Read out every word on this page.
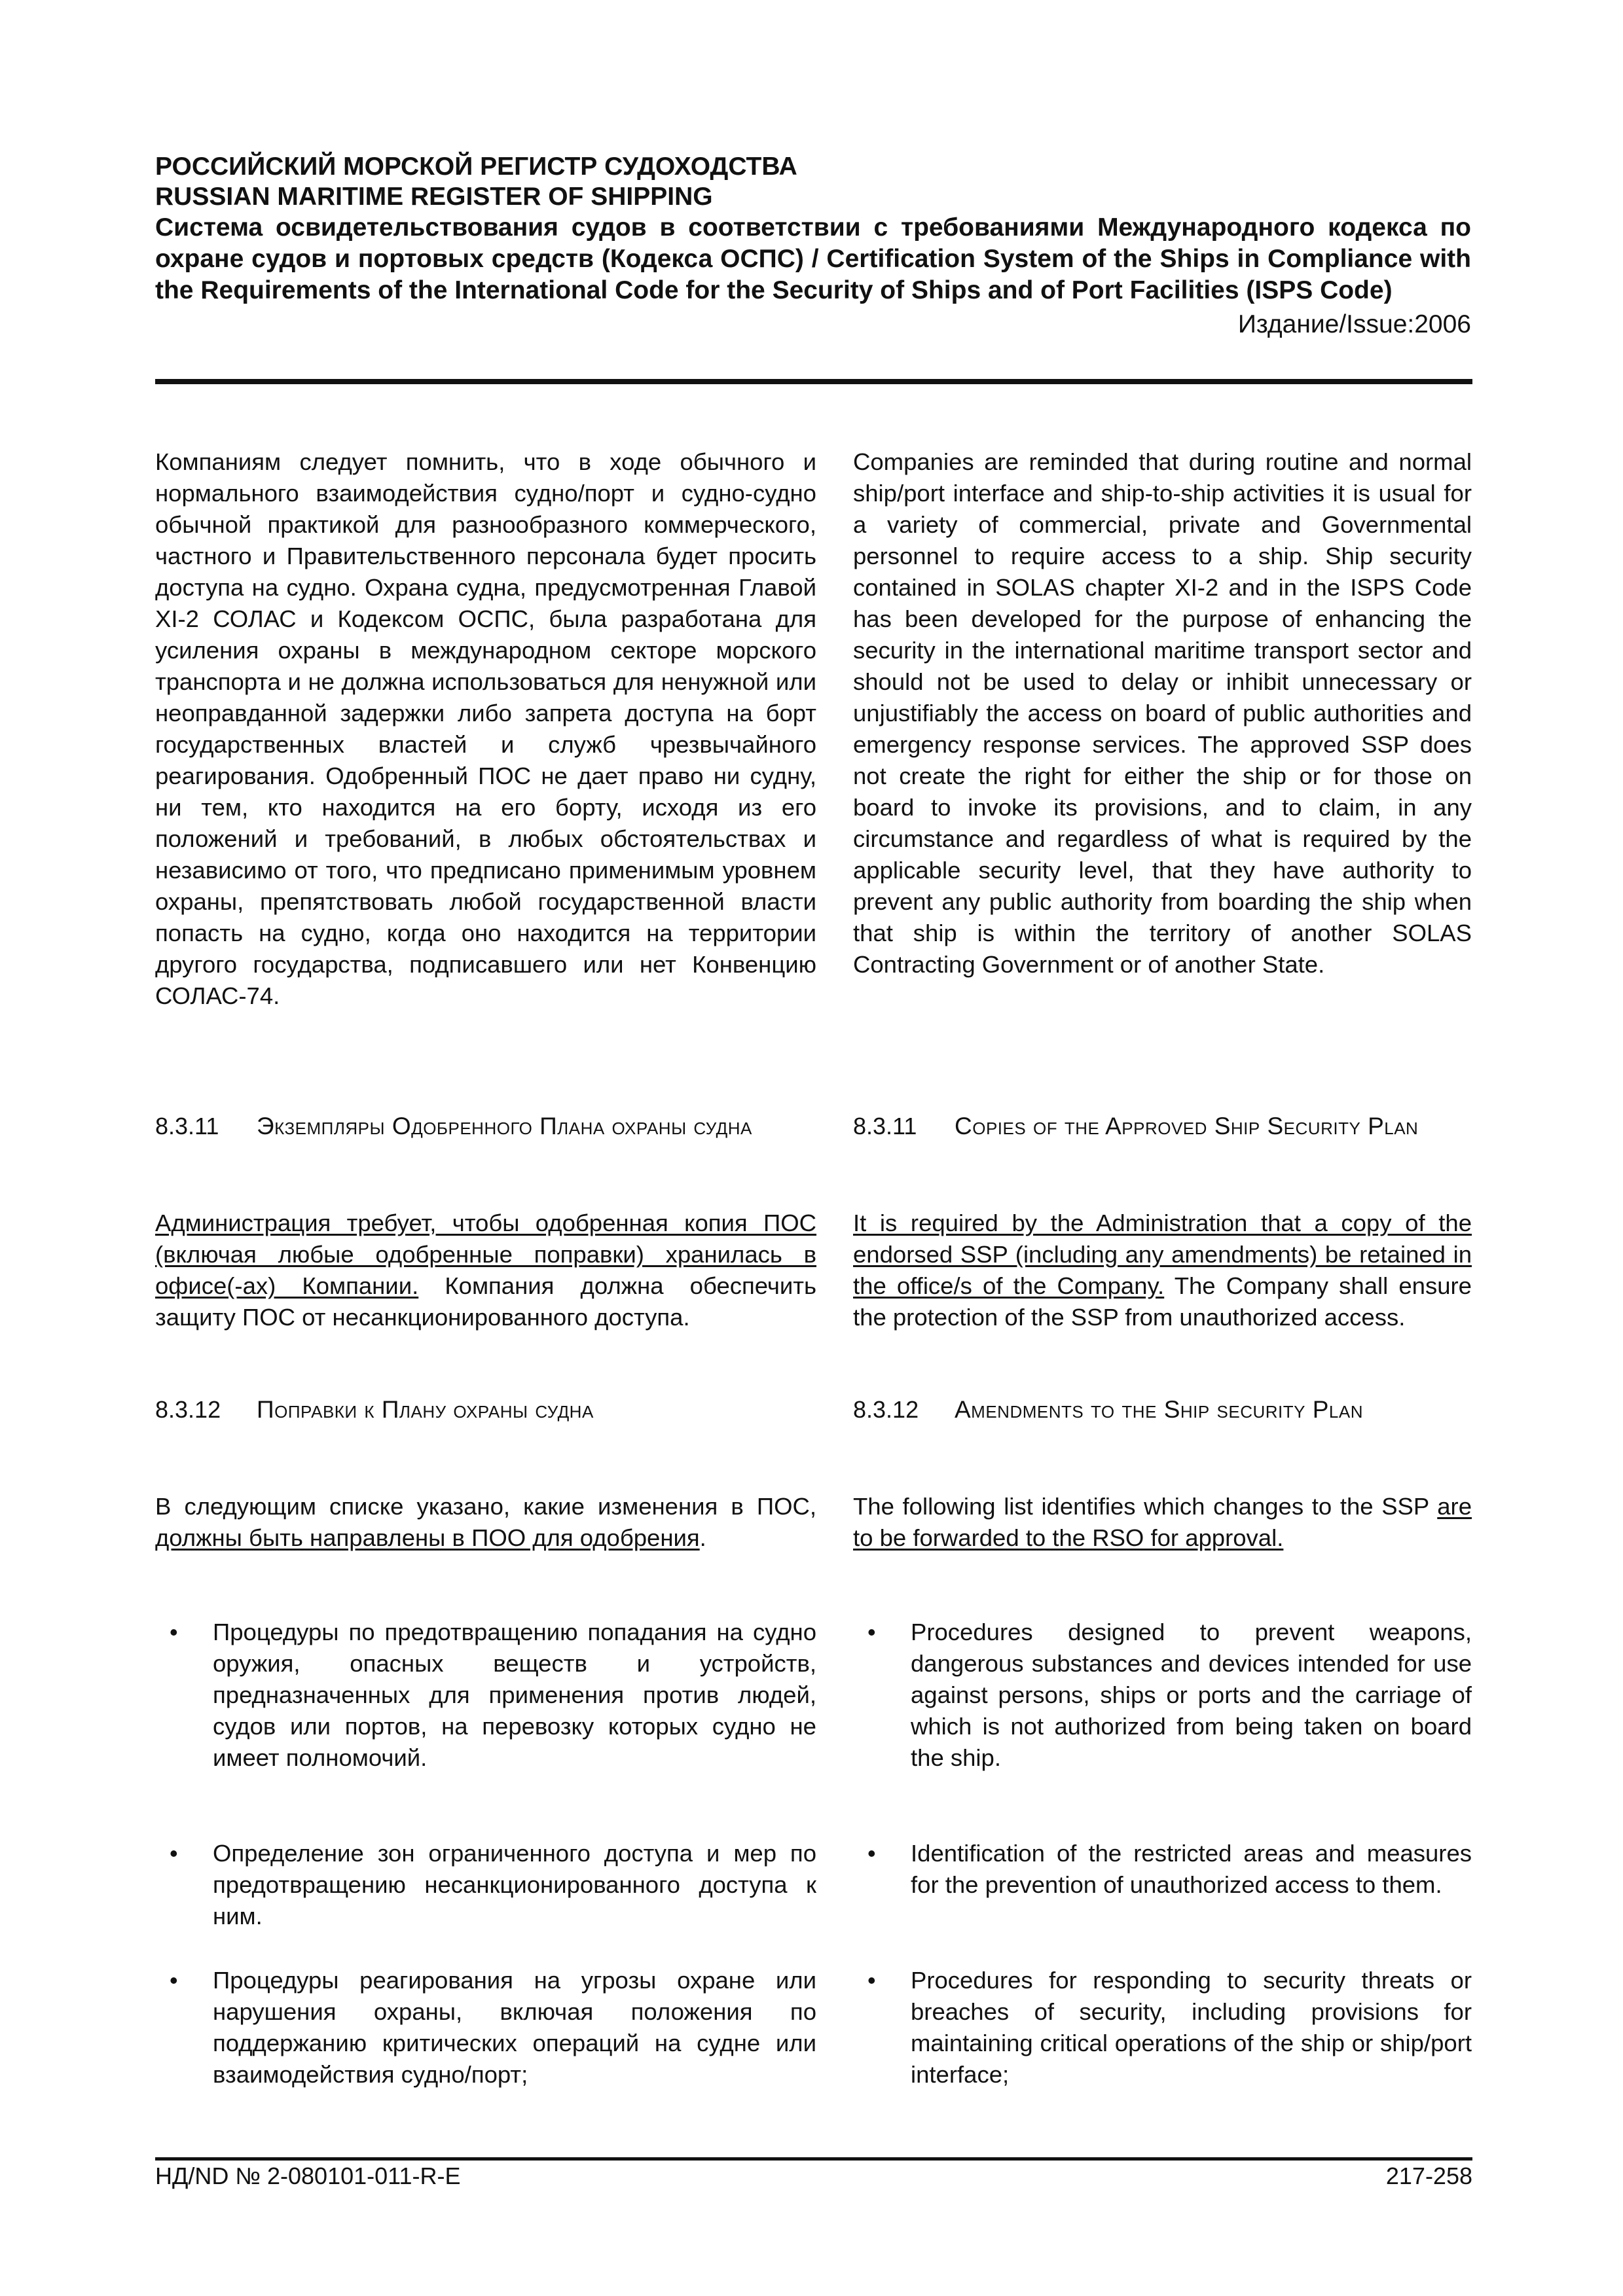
РОССИЙСКИЙ МОРСКОЙ РЕГИСТР СУДОХОДСТВА

RUSSIAN MARITIME REGISTER OF SHIPPING

Система освидетельствования судов в соответствии с требованиями Международного кодекса по охране судов и портовых средств (Кодекса ОСПС) / Certification System of the Ships in Compliance with the Requirements of the International Code for the Security of Ships and of Port Facilities (ISPS Code)

Издание/Issue:2006

Компаниям следует помнить, что в ходе обычного и нормального взаимодействия судно/порт и судно-судно обычной практикой для разнообразного коммерческого, частного и Правительственного персонала будет просить доступа на судно. Охрана судна, предусмотренная Главой XI-2 СОЛАС и Кодексом ОСПС, была разработана для усиления охраны в международном секторе морского транспорта и не должна использоваться для ненужной или неоправданной задержки либо запрета доступа на борт государственных властей и служб чрезвычайного реагирования. Одобренный ПОС не дает право ни судну, ни тем, кто находится на его борту, исходя из его положений и требований, в любых обстоятельствах и независимо от того, что предписано применимым уровнем охраны, препятствовать любой государственной власти попасть на судно, когда оно находится на территории другого государства, подписавшего или нет Конвенцию СОЛАС-74.

Companies are reminded that during routine and normal ship/port interface and ship-to-ship activities it is usual for a variety of commercial, private and Governmental personnel to require access to a ship. Ship security contained in SOLAS chapter XI-2 and in the ISPS Code has been developed for the purpose of enhancing the security in the international maritime transport sector and should not be used to delay or inhibit unnecessary or unjustifiably the access on board of public authorities and emergency response services. The approved SSP does not create the right for either the ship or for those on board to invoke its provisions, and to claim, in any circumstance and regardless of what is required by the applicable security level, that they have authority to prevent any public authority from boarding the ship when that ship is within the territory of another SOLAS Contracting Government or of another State.

8.3.11	Экземпляры Одобренного Плана охраны судна	8.3.11	Copies of the Approved Ship Security Plan

Администрация требует, чтобы одобренная копия ПОС (включая любые одобренные поправки) хранилась в офисе(-ах) Компании. Компания должна обеспечить защиту ПОС от несанкционированного доступа.

It is required by the Administration that a copy of the endorsed SSP (including any amendments) be retained in the office/s of the Company. The Company shall ensure the protection of the SSP from unauthorized access.

8.3.12	Поправки к Плану охраны судна	8.3.12	Amendments to the Ship security Plan

В следующим списке указано, какие изменения в ПОС, должны быть направлены в ПОО для одобрения.

The following list identifies which changes to the SSP are to be forwarded to the RSO for approval.

•	Процедуры по предотвращению попадания на судно оружия, опасных веществ и устройств, предназначенных для применения против людей, судов или портов, на перевозку которых судно не имеет полномочий.
•	Procedures designed to prevent weapons, dangerous substances and devices intended for use against persons, ships or ports and the carriage of which is not authorized from being taken on board the ship.
•	Определение зон ограниченного доступа и мер по предотвращению несанкционированного доступа к ним.
•	Identification of the restricted areas and measures for the prevention of unauthorized access to them.
•	Процедуры реагирования на угрозы охране или нарушения охраны, включая положения по поддержанию критических операций на судне или взаимодействия судно/порт;
•	Procedures for responding to security threats or breaches of security, including provisions for maintaining critical operations of the ship or ship/port interface;
НД/ND № 2-080101-011-R-E	217-258
